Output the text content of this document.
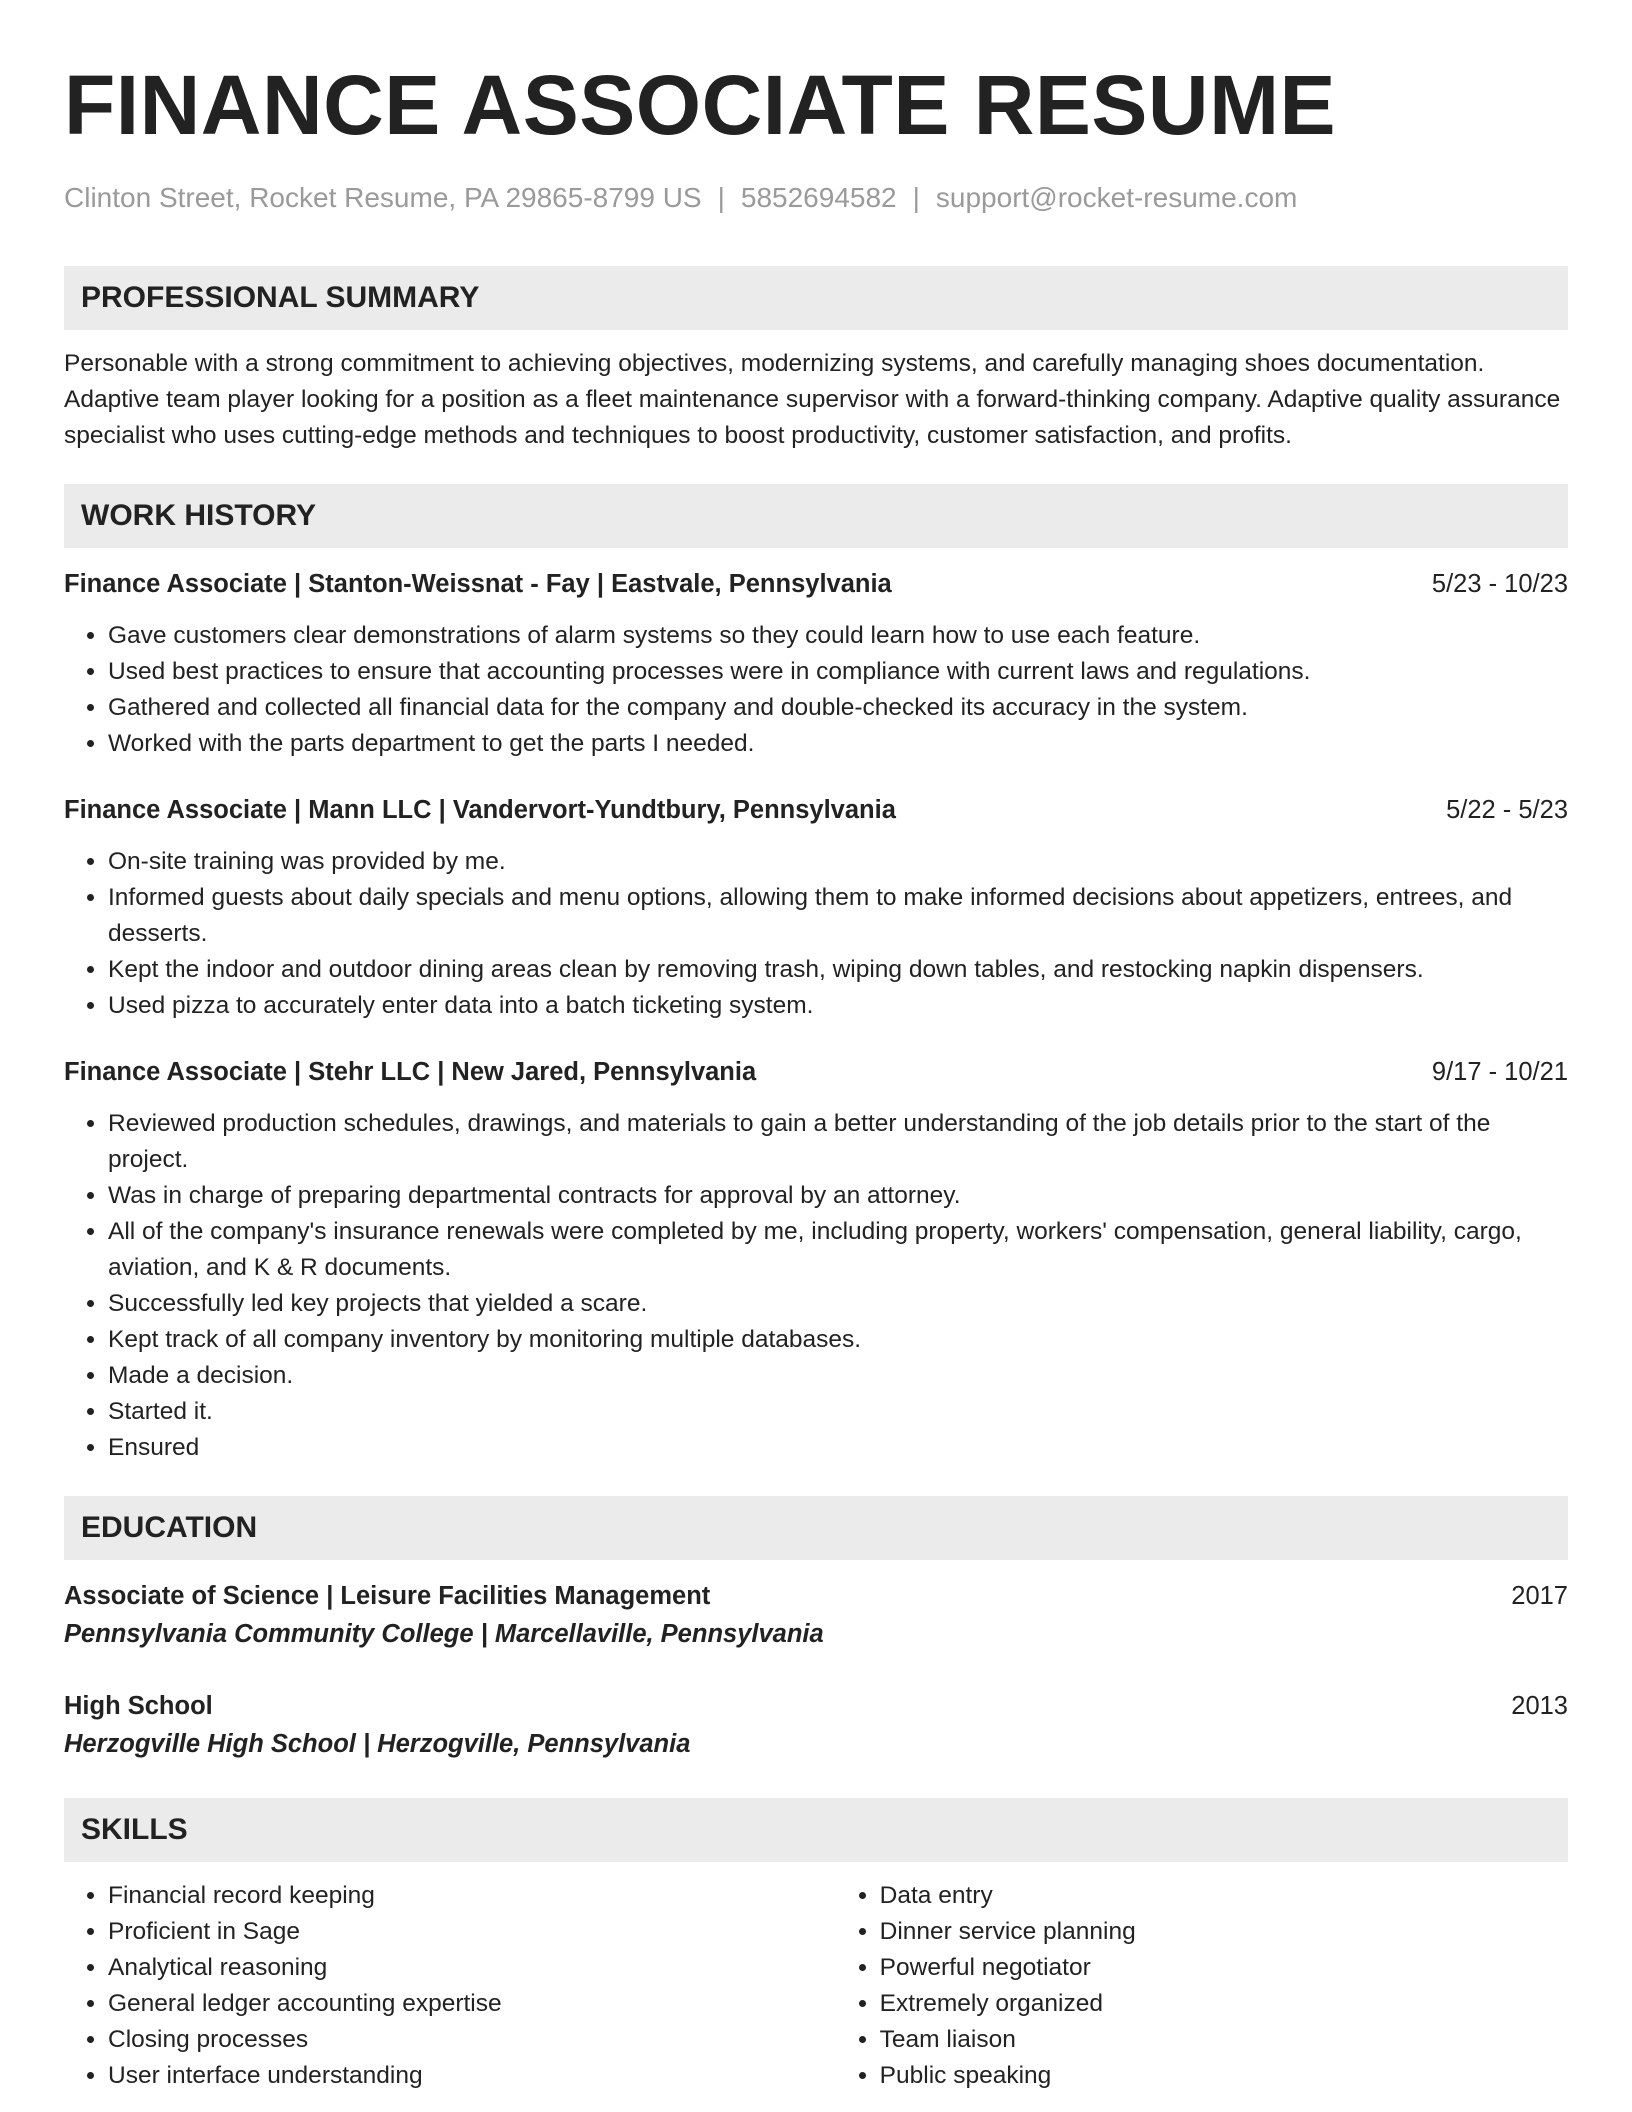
FINANCE ASSOCIATE RESUME
Clinton Street, Rocket Resume, PA 29865-8799 US | 5852694582 | support@rocket-resume.com
PROFESSIONAL SUMMARY

Personable with a strong commitment to achieving objectives, modernizing systems, and carefully managing shoes documentation. Adaptive team player looking for a position as a fleet maintenance supervisor with a forward-thinking company. Adaptive quality assurance specialist who uses cutting-edge methods and techniques to boost productivity, customer satisfaction, and profits.

WORK HISTORY
Finance Associate | Stanton-Weissnat - Fay | Eastvale, Pennsylvania	5/23 - 10/23
• Gave customers clear demonstrations of alarm systems so they could learn how to use each feature.
• Used best practices to ensure that accounting processes were in compliance with current laws and regulations.
• Gathered and collected all financial data for the company and double-checked its accuracy in the system.
• Worked with the parts department to get the parts I needed.
Finance Associate | Mann LLC | Vandervort-Yundtbury, Pennsylvania	5/22 - 5/23
• On-site training was provided by me.
• Informed guests about daily specials and menu options, allowing them to make informed decisions about appetizers, entrees, and desserts.
• Kept the indoor and outdoor dining areas clean by removing trash, wiping down tables, and restocking napkin dispensers.
• Used pizza to accurately enter data into a batch ticketing system.
Finance Associate | Stehr LLC | New Jared, Pennsylvania	9/17 - 10/21
• Reviewed production schedules, drawings, and materials to gain a better understanding of the job details prior to the start of the project.
• Was in charge of preparing departmental contracts for approval by an attorney.
• All of the company's insurance renewals were completed by me, including property, workers' compensation, general liability, cargo, aviation, and K & R documents.
• Successfully led key projects that yielded a scare.
• Kept track of all company inventory by monitoring multiple databases.
• Made a decision.
• Started it.
• Ensured
EDUCATION
Associate of Science | Leisure Facilities Management	2017
Pennsylvania Community College | Marcellaville, Pennsylvania
High School	2013
Herzogville High School | Herzogville, Pennsylvania
SKILLS
• Financial record keeping
• Proficient in Sage
• Analytical reasoning
• General ledger accounting expertise
• Closing processes
• User interface understanding
• Data entry
• Dinner service planning
• Powerful negotiator
• Extremely organized
• Team liaison
• Public speaking
